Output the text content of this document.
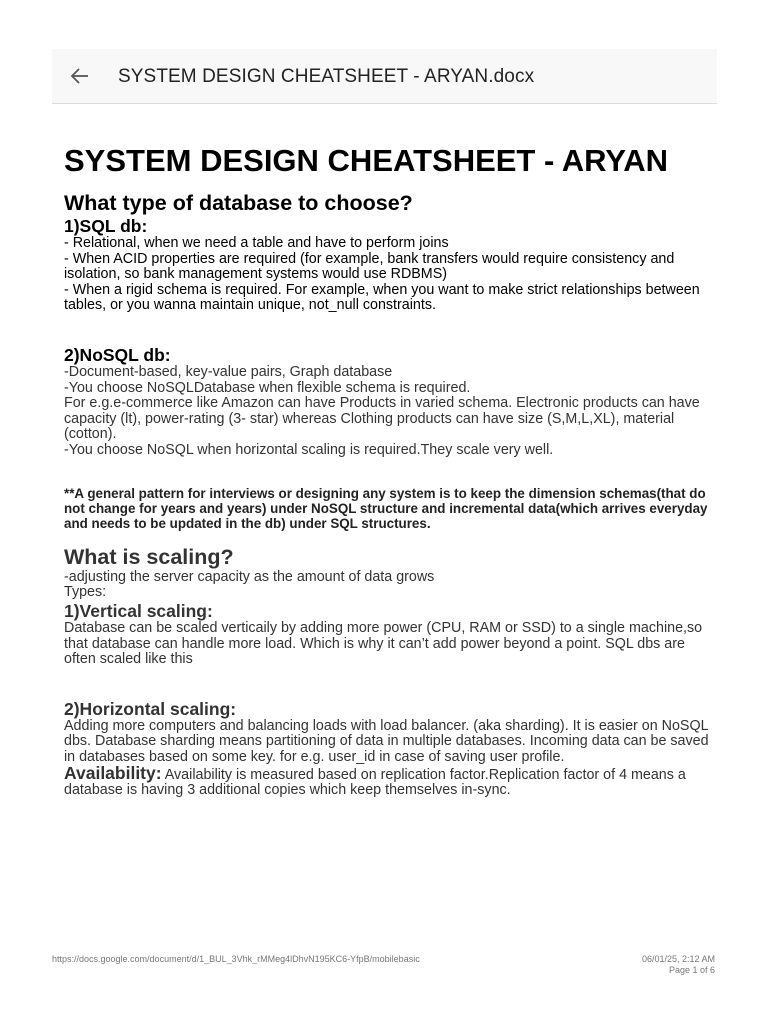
SYSTEM DESIGN CHEATSHEET - ARYAN.docx
SYSTEM DESIGN CHEATSHEET - ARYAN
What type of database to choose?
1)SQL db:
- Relational, when we need a table and have to perform joins
- When ACID properties are required (for example, bank transfers would require consistency and isolation, so bank management systems would use RDBMS)
- When a rigid schema is required. For example, when you want to make strict relationships between tables, or you wanna maintain unique, not_null constraints.
2)NoSQL db:
-Document-based, key-value pairs, Graph database
-You choose NoSQLDatabase when flexible schema is required.
For e.g.e-commerce like Amazon can have Products in varied schema. Electronic products can have capacity (lt), power-rating (3- star) whereas Clothing products can have size (S,M,L,XL), material (cotton).
-You choose NoSQL when horizontal scaling is required.They scale very well.
**A general pattern for interviews or designing any system is to keep the dimension schemas(that do not change for years and years) under NoSQL structure and incremental data(which arrives everyday and needs to be updated in the db) under SQL structures.
What is scaling?
-adjusting the server capacity as the amount of data grows
Types:
1)Vertical scaling:
Database can be scaled verticaily by adding more power (CPU, RAM or SSD) to a single machine,so that database can handle more load. Which is why it can’t add power beyond a point. SQL dbs are often scaled like this
2)Horizontal scaling:
Adding more computers and balancing loads with load balancer. (aka sharding). It is easier on NoSQL dbs. Database sharding means partitioning of data in multiple databases. Incoming data can be saved in databases based on some key. for e.g. user_id in case of saving user profile.
Availability: Availability is measured based on replication factor.Replication factor of 4 means a database is having 3 additional copies which keep themselves in-sync.
https://docs.google.com/document/d/1_BUL_3Vhk_rMMeg4lDhvN195KC6-YfpB/mobilebasic	06/01/25, 2:12 AM
Page 1 of 6
